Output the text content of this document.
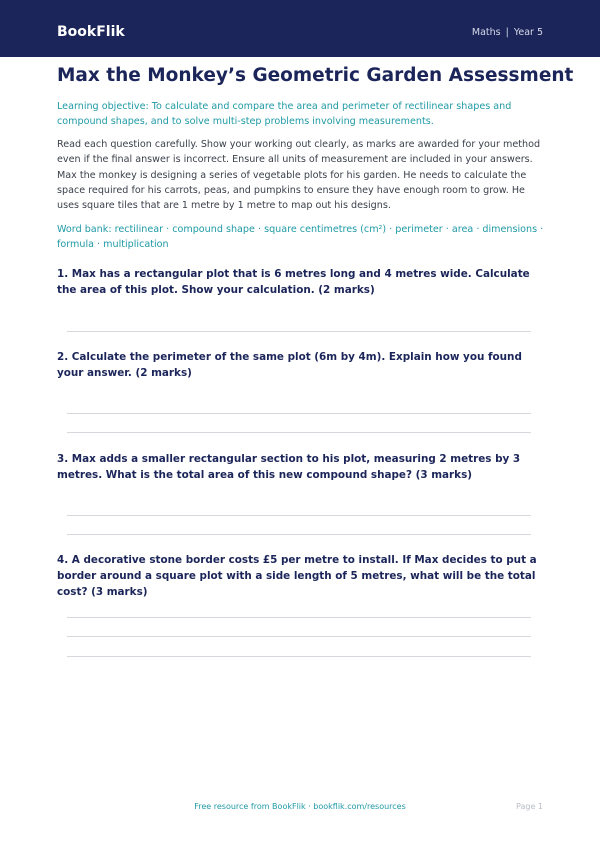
BookFlik	Maths | Year 5
Max the Monkey’s Geometric Garden Assessment
Learning objective: To calculate and compare the area and perimeter of rectilinear shapes and compound shapes, and to solve multi-step problems involving measurements.
Read each question carefully. Show your working out clearly, as marks are awarded for your method even if the final answer is incorrect. Ensure all units of measurement are included in your answers.
Max the monkey is designing a series of vegetable plots for his garden. He needs to calculate the space required for his carrots, peas, and pumpkins to ensure they have enough room to grow. He uses square tiles that are 1 metre by 1 metre to map out his designs.
Word bank: rectilinear · compound shape · square centimetres (cm²) · perimeter · area · dimensions · formula · multiplication
1. Max has a rectangular plot that is 6 metres long and 4 metres wide. Calculate the area of this plot. Show your calculation. (2 marks)
2. Calculate the perimeter of the same plot (6m by 4m). Explain how you found your answer. (2 marks)
3. Max adds a smaller rectangular section to his plot, measuring 2 metres by 3 metres. What is the total area of this new compound shape? (3 marks)
4. A decorative stone border costs £5 per metre to install. If Max decides to put a border around a square plot with a side length of 5 metres, what will be the total cost? (3 marks)
Free resource from BookFlik · bookflik.com/resources	Page 1
